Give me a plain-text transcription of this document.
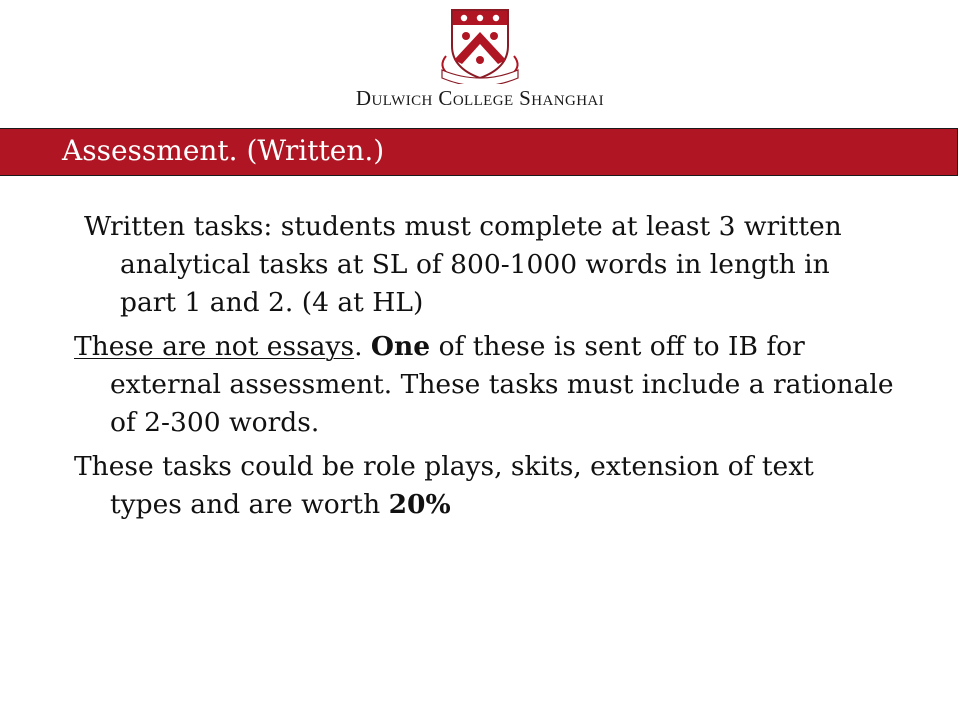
Dulwich College Shanghai
Assessment. (Written.)

Written tasks: students must complete at least 3 written analytical tasks at SL of 800-1000 words in length in part 1 and 2. (4 at HL)

These are not essays. One of these is sent off to IB for external assessment. These tasks must include a rationale of 2-300 words.

These tasks could be role plays, skits, extension of text types and are worth 20%
